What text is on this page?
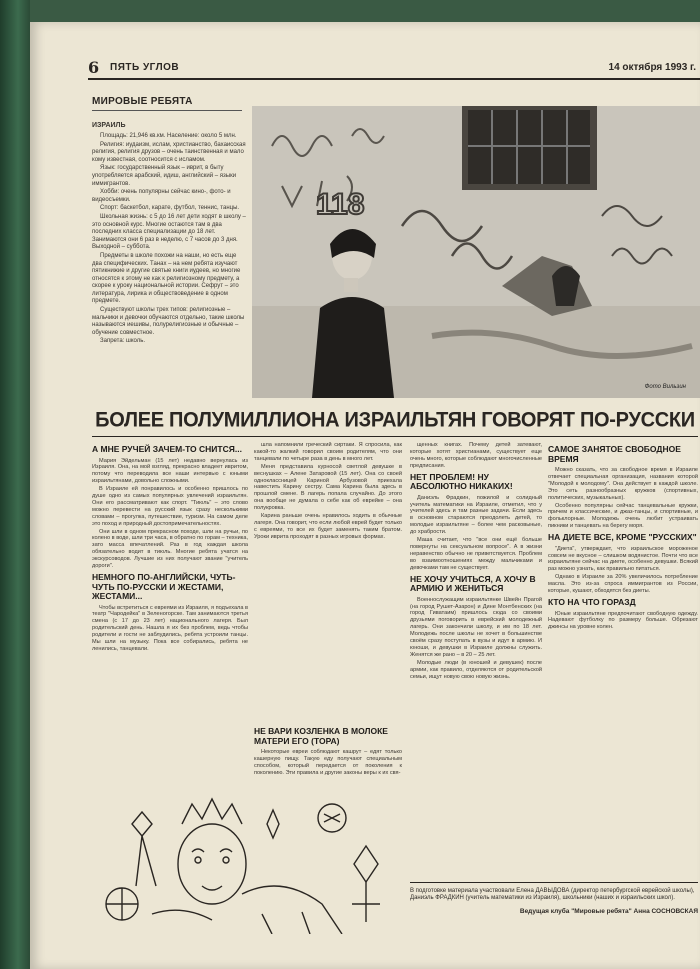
6 ПЯТЬ УГЛОВ	14 октября 1993 г.
МИРОВЫЕ РЕБЯТА
ИЗРАИЛЬ

Площадь: 21,946 кв.км. Население: около 5 млн.

Религия: иудаизм, ислам, христианство, бахаисская религия, религия друзов – очень таинственная и мало кому известная, соотносится с исламом.

Язык: государственный язык – иврит, в быту употребляется арабский, идиш, английский – языки иммигрантов.

Хобби: очень популярны сейчас кино-, фото- и видеосъемки.

Спорт: баскетбол, карате, футбол, теннис, танцы.

Школьная жизнь: с 5 до 16 лет дети ходят в школу – это основной курс. Многие остаются там в два последних класса специализации до 18 лет. Занимаются они 6 раз в неделю, с 7 часов до 3 дня. Выходной – суббота.

Предметы в школе похожи на наши, но есть еще два специфических. Танах – на нем ребята изучают пятикнижие и другие святые книги иудеев, но многие относятся к этому не как к религиозному предмету, а скорее к уроку национальной истории. Сефрут – это литература, лирика и обществоведение в одном предмете.

Существуют школы трех типов: религиозные – мальчики и девочки обучаются отдельно, такие школы называются иешивы, полурелигиозные и обычные – обучение совместное.

Запрета: школь.

118
Фото Вильзин
БОЛЕЕ ПОЛУМИЛЛИОНА ИЗРАИЛЬТЯН ГОВОРЯТ ПО-РУССКИ
А МНЕ РУЧЕЙ ЗАЧЕМ-ТО СНИТСЯ...

Мария Эйдельман (15 лет) недавно вернулась из Израиля. Она, на мой взгляд, прекрасно владеет ивритом, потому что переводила все наши интервью с юными израильтянами, довольно сложными.

В Израиле ей понравилось и особенно пришлось по душе одно из самых популярных увлечений израильтян. Они его рассматривают как спорт. "Тиюль" – это слово можно перевести на русский язык сразу несколькими словами – прогулка, путешествие, туризм. На самом деле это поход и природный достопримечательностях.

Они шли в одном прекрасном походе, шли на ручьи, по колено в воде, шли три часа, в обратно по горам – техника, зато масса впечатлений. Раз в год каждая школа обязательно водит в тиюль. Многие ребята учатся на экскурсоводов. Лучшие из них получают звание "учитель дороги".

НЕМНОГО ПО-АНГЛИЙСКИ, ЧУТЬ-ЧУТЬ ПО-РУССКИ И ЖЕСТАМИ, ЖЕСТАМИ...

Чтобы встретиться с евреями из Израиля, я подъехала в театр "Чародейка" в Зеленогорске. Там занимаются третья смена (с 17 до 23 лет) национального лагеря. Был родительский день. Нашла я их без проблем, ведь чтобы родители и гости не заблудились, ребята устроили танцы. Мы шли на музыку. Пока все собирались, ребята не ленились, танцевали.

шла напомнили греческий сиртаки. Я спросила, как какой-то жалкий говорил своим родителям, что они танцевали по четыре раза в день в много лет.

Меня представила курносой светлой девушке в веснушках – Алене Затаровой (15 лет). Она со своей одноклассницей Кариной Арбузовой приехала навестить Карину сестру. Сама Карина была здесь в прошлой смене. В лагерь попала случайно. До этого она вообще не думала о себе как об еврейке – она полукровка.

Карина раньше очень нравилось ходить в обычные лагеря. Она говорит, что если любой еврей будет только с евреями, то все их будет заменять таким братом. Уроки иврита проходят в разных игровых формах.

НЕ ВАРИ КОЗЛЕНКА В МОЛОКЕ МАТЕРИ ЕГО (ТОРА)

Некоторые евреи соблюдают кашрут – едят только кашерную пищу. Такую еду получают специальным способом, который передается от поколения к поколению. Эти правила и другие законы веры к их свя-

щенных книгах. Почему детей затевают, которые хотят христианами, существует еще очень много, которые соблюдают многочисленные предписания.

НЕТ ПРОБЛЕМ! НУ АБСОЛЮТНО НИКАКИХ!

Даниэль Фрадкин, пожилой и солидный учитель математики на Израиле, отметил, что у учителей здесь и там разные задачи. Если здесь в основном стараются преодолеть детей, то молодые израильтяне – более чем расковыные, до храбрости.

Маша считает, что "все они ещё больше повернуты на сексуальном вопросе". А в жизни неравенство обычно не приветствуется. Проблем во взаимоотношениях между мальчиками и девочками там не существует.

НЕ ХОЧУ УЧИТЬСЯ, А ХОЧУ В АРМИЮ И ЖЕНИТЬСЯ

Военнослужащим израильтянке Швейн Прагой (на город Рушет-Азарон) и Дине Монтбенских (на город Гиватаим) пришлось сюда со своими друзьями поговорить в еврейский молодежный лагерь. Они закончили школу, и им по 18 лет. Молодежь после школы не хочет в большинстве своём сразу поступать в вузы и идут в армию. И юноши, и девушки в Израиле должны служить. Женятся же рано – в 20 – 25 лет.

Молодые люди (в юношей и девушек) после армии, как правило, отделяются от родительской семьи, ищут новую свою новую жизнь.

САМОЕ ЗАНЯТОЕ СВОБОДНОЕ ВРЕМЯ

Можно сказать, что за свободное время в Израиле отвечает специальная организация, названия которой "Молодой к молодому". Она действует в каждой школе. Это сеть разнообразных кружков (спортивных, политических, музыкальных).

Особенно популярны сейчас танцевальные кружки, причем и классические, и джаз-танцы, и спортивные, и фольклорные. Молодежь очень любит устраивать пикники и танцевать на берегу моря.

НА ДИЕТЕ ВСЕ, КРОМЕ "РУССКИХ"

"Диета", утверждает, что израильское мороженое совсем не вкусное – слишком водянистое. Почти что все израильтяне сейчас на диете, особенно девушки. Всякий раз можно узнать, как правильно питаться.

Однако в Израиле за 20% увеличилось потребление масла. Это из-за спроса иммигрантов из России, которые, кушают, обходятся без диеты.

КТО НА ЧТО ГОРАЗД

Юные израильтяне предпочитают свободную одежду. Надевают футболку по размеру больше. Обрезают джинсы на уровне колен.

В подготовке материала участвовали Елена ДАВЫДОВА (директор петербургской еврейской школы), Даниэль ФРАДКИН (учитель математики из Израиля), школьники (наших и израильских школ).
Ведущая клуба "Мировые ребята" Анна СОСНОВСКАЯ
